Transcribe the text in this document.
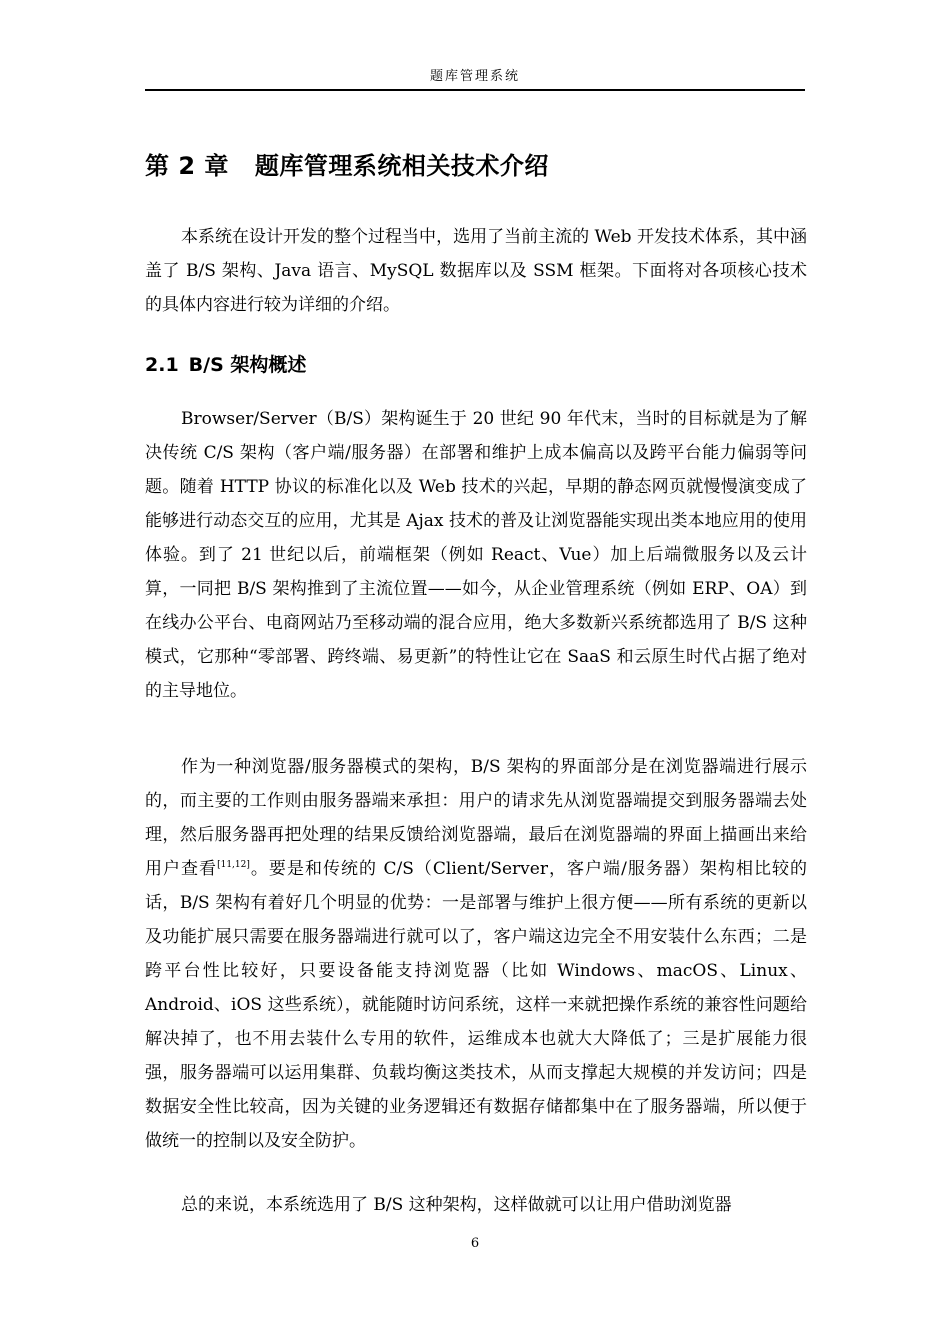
题库管理系统
第 2 章 题库管理系统相关技术介绍

本系统在设计开发的整个过程当中，选用了当前主流的 Web 开发技术体系，其中涵盖了 B/S 架构、Java 语言、MySQL 数据库以及 SSM 框架。下面将对各项核心技术的具体内容进行较为详细的介绍。

2.1 B/S 架构概述

Browser/Server（B/S）架构诞生于 20 世纪 90 年代末，当时的目标就是为了解决传统 C/S 架构（客户端/服务器）在部署和维护上成本偏高以及跨平台能力偏弱等问题。随着 HTTP 协议的标准化以及 Web 技术的兴起，早期的静态网页就慢慢演变成了能够进行动态交互的应用，尤其是 Ajax 技术的普及让浏览器能实现出类本地应用的使用体验。到了 21 世纪以后，前端框架（例如 React、Vue）加上后端微服务以及云计算，一同把 B/S 架构推到了主流位置——如今，从企业管理系统（例如 ERP、OA）到在线办公平台、电商网站乃至移动端的混合应用，绝大多数新兴系统都选用了 B/S 这种模式，它那种“零部署、跨终端、易更新”的特性让它在 SaaS 和云原生时代占据了绝对的主导地位。

作为一种浏览器/服务器模式的架构，B/S 架构的界面部分是在浏览器端进行展示的，而主要的工作则由服务器端来承担：用户的请求先从浏览器端提交到服务器端去处理，然后服务器再把处理的结果反馈给浏览器端，最后在浏览器端的界面上描画出来给用户查看[11,12]。要是和传统的 C/S（Client/Server，客户端/服务器）架构相比较的话，B/S 架构有着好几个明显的优势：一是部署与维护上很方便——所有系统的更新以及功能扩展只需要在服务器端进行就可以了，客户端这边完全不用安装什么东西；二是跨平台性比较好，只要设备能支持浏览器（比如 Windows、macOS、Linux、Android、iOS 这些系统），就能随时访问系统，这样一来就把操作系统的兼容性问题给解决掉了，也不用去装什么专用的软件，运维成本也就大大降低了；三是扩展能力很强，服务器端可以运用集群、负载均衡这类技术，从而支撑起大规模的并发访问；四是数据安全性比较高，因为关键的业务逻辑还有数据存储都集中在了服务器端，所以便于做统一的控制以及安全防护。

总的来说，本系统选用了 B/S 这种架构，这样做就可以让用户借助浏览器

6
